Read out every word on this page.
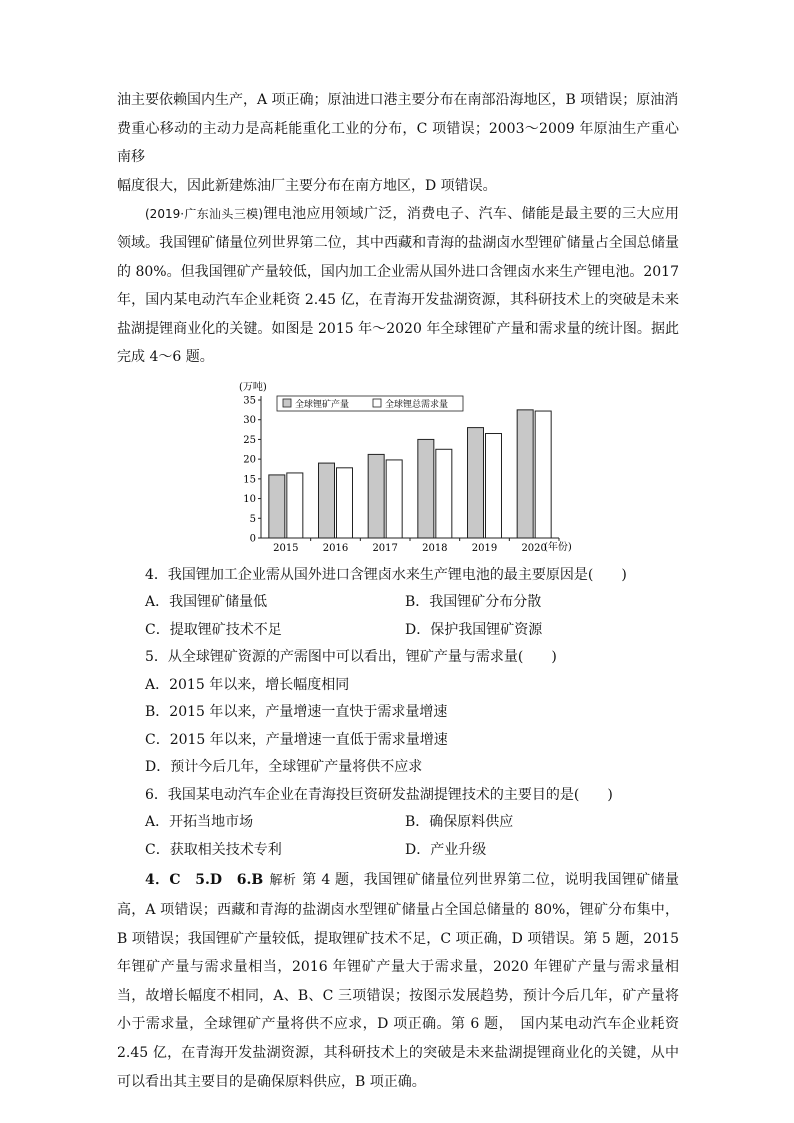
油主要依赖国内生产，A 项正确；原油进口港主要分布在南部沿海地区，B 项错误；原油消
费重心移动的主动力是高耗能重化工业的分布，C 项错误；2003～2009 年原油生产重心南移
幅度很大，因此新建炼油厂主要分布在南方地区，D 项错误。

(2019·广东汕头三模)锂电池应用领域广泛，消费电子、汽车、储能是最主要的三大应用领域。我国锂矿储量位列世界第二位，其中西藏和青海的盐湖卤水型锂矿储量占全国总储量的 80%。但我国锂矿产量较低，国内加工企业需从国外进口含锂卤水来生产锂电池。2017 年，国内某电动汽车企业耗资 2.45 亿，在青海开发盐湖资源，其科研技术上的突破是未来盐湖提锂商业化的关键。如图是 2015 年～2020 年全球锂矿产量和需求量的统计图。据此完成 4～6 题。

(万吨)
0
5
10
15
20
25
30
35
2015 2016 2017 2018 2019 2020
全球锂矿产量	全球锂总需求量
(年份)

4．我国锂加工企业需从国外进口含锂卤水来生产锂电池的最主要原因是(　　)

A．我国锂矿储量低	B．我国锂矿分布分散
C．提取锂矿技术不足	D．保护我国锂矿资源

5．从全球锂矿资源的产需图中可以看出，锂矿产量与需求量(　　)

A．2015 年以来，增长幅度相同
B．2015 年以来，产量增速一直快于需求量增速
C．2015 年以来，产量增速一直低于需求量增速
D．预计今后几年，全球锂矿产量将供不应求

6．我国某电动汽车企业在青海投巨资研发盐湖提锂技术的主要目的是(　　)

A．开拓当地市场	B．确保原料供应
C．获取相关技术专利	D．产业升级

4．C　5.D　6.B 解析 第 4 题，我国锂矿储量位列世界第二位，说明我国锂矿储量高，A 项错误；西藏和青海的盐湖卤水型锂矿储量占全国总储量的 80%，锂矿分布集中，B 项错误；我国锂矿产量较低，提取锂矿技术不足，C 项正确，D 项错误。第 5 题，2015 年锂矿产量与需求量相当，2016 年锂矿产量大于需求量，2020 年锂矿产量与需求量相当，故增长幅度不相同，A、B、C 三项错误；按图示发展趋势，预计今后几年，矿产量将小于需求量，全球锂矿产量将供不应求，D 项正确。第 6 题，　国内某电动汽车企业耗资 2.45 亿，在青海开发盐湖资源，其科研技术上的突破是未来盐湖提锂商业化的关键，从中可以看出其主要目的是确保原料供应，B 项正确。
